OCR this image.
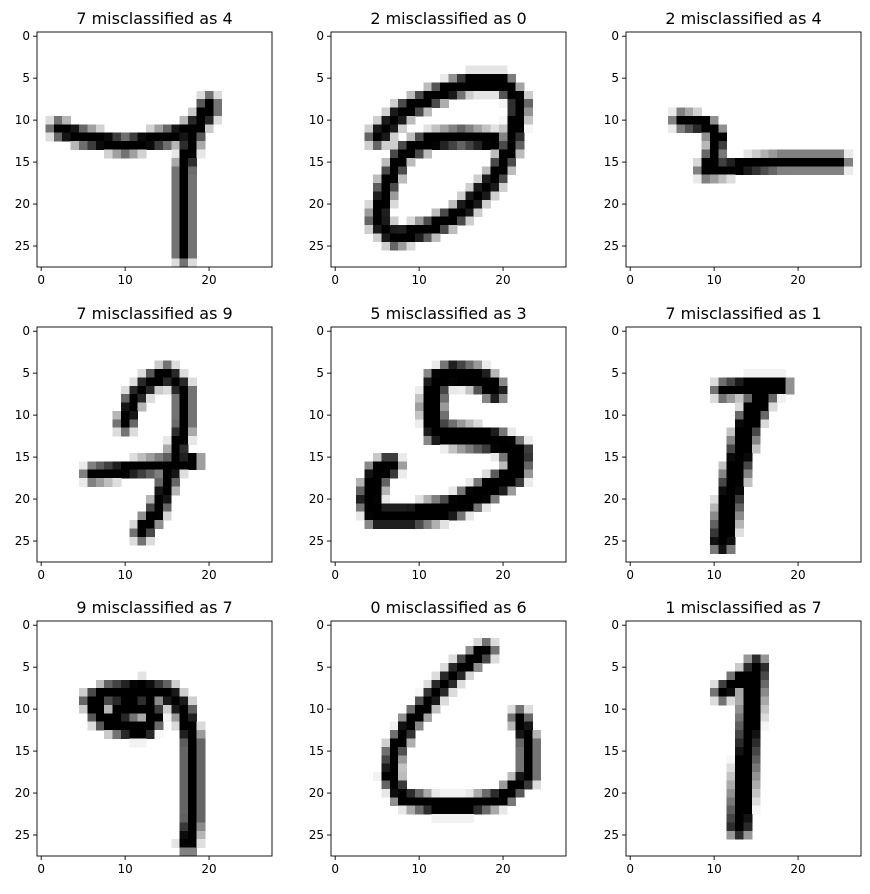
7 misclassified as 4
0	10	20
0
5
10
15
20
25
2 misclassified as 0
0	10	20
0
5
10
15
20
25
2 misclassified as 4
0	10	20
0
5
10
15
20
25
7 misclassified as 9
0	10	20
0
5
10
15
20
25
5 misclassified as 3
0	10	20
0
5
10
15
20
25
7 misclassified as 1
0	10	20
0
5
10
15
20
25
9 misclassified as 7
0	10	20
0
5
10
15
20
25
0 misclassified as 6
0	10	20
0
5
10
15
20
25
1 misclassified as 7
0	10	20
0
5
10
15
20
25
